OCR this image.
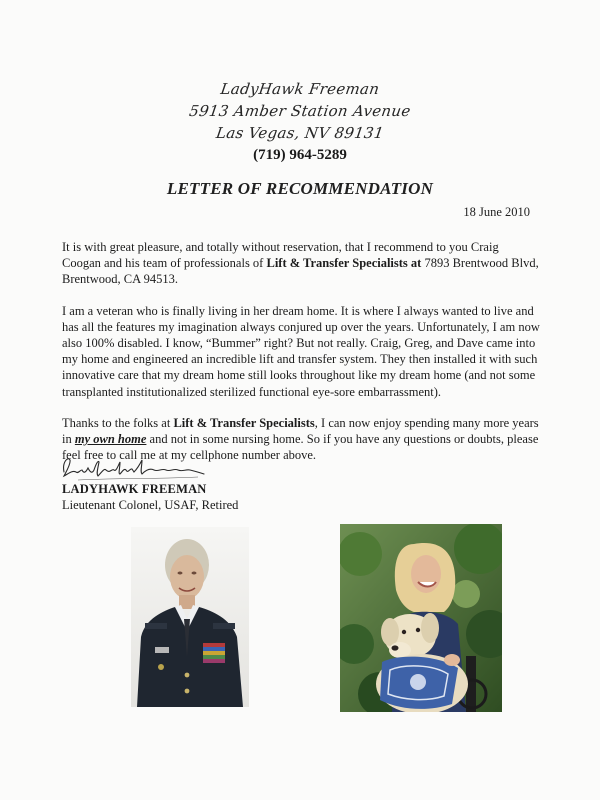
LadyHawk Freeman
5913 Amber Station Avenue
Las Vegas, NV 89131
(719) 964-5289
LETTER OF RECOMMENDATION
18 June 2010

It is with great pleasure, and totally without reservation, that I recommend to you Craig Coogan and his team of professionals of Lift & Transfer Specialists at 7893 Brentwood Blvd, Brentwood, CA 94513.

I am a veteran who is finally living in her dream home. It is where I always wanted to live and has all the features my imagination always conjured up over the years. Unfortunately, I am now also 100% disabled. I know, “Bummer” right? But not really. Craig, Greg, and Dave came into my home and engineered an incredible lift and transfer system. They then installed it with such innovative care that my dream home still looks throughout like my dream home (and not some transplanted institutionalized sterilized functional eye-sore embarrassment).

Thanks to the folks at Lift & Transfer Specialists, I can now enjoy spending many more years in my own home and not in some nursing home. So if you have any questions or doubts, please feel free to call me at my cellphone number above.

LADYHAWK FREEMAN
Lieutenant Colonel, USAF, Retired
